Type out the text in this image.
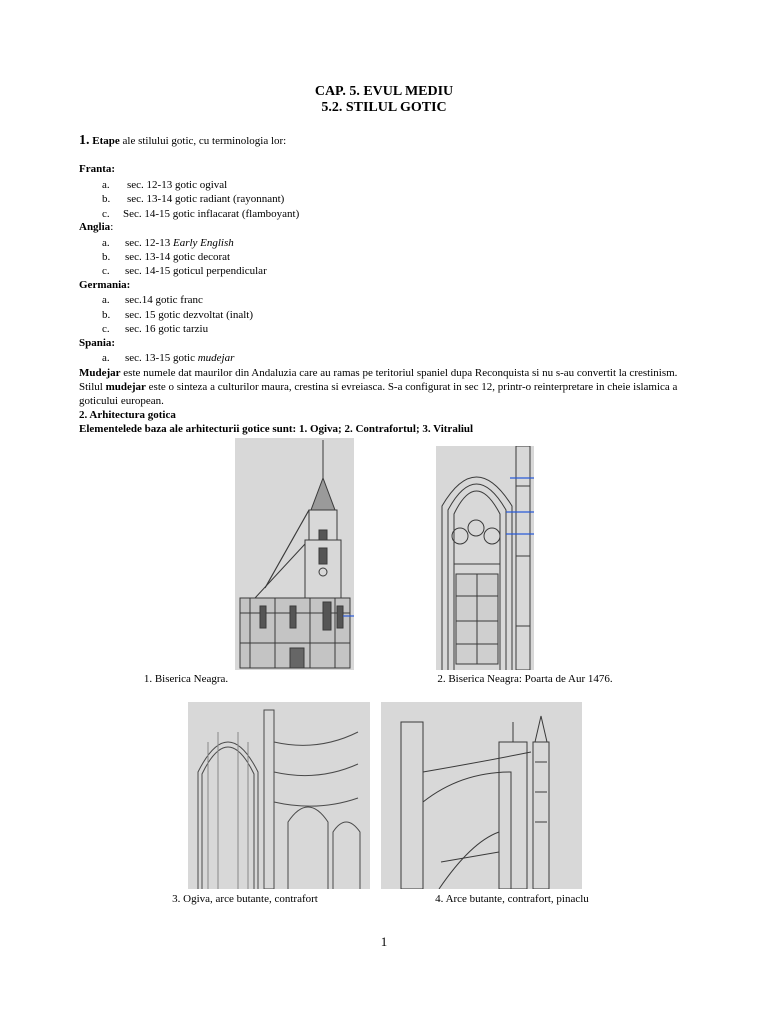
CAP. 5. EVUL MEDIU
5.2. STILUL GOTIC
1. Etape ale stilului gotic, cu terminologia lor:
Franta:
a. sec. 12-13 gotic ogival
b. sec. 13-14 gotic radiant (rayonnant)
c. Sec. 14-15 gotic inflacarat (flamboyant)
Anglia:
a. sec. 12-13 Early English
b. sec. 13-14 gotic decorat
c. sec. 14-15 goticul perpendicular
Germania:
a. sec.14 gotic franc
b. sec. 15 gotic dezvoltat (inalt)
c. sec. 16 gotic tarziu
Spania:
a. sec. 13-15 gotic mudejar
Mudejar este numele dat maurilor din Andaluzia care au ramas pe teritoriul spaniel dupa Reconquista si nu s-au convertit la crestinism. Stilul mudejar este o sinteza a culturilor maura, crestina si evreiasca. S-a configurat in sec 12, printr-o reinterpretare in cheie islamica a goticului european.
2. Arhitectura gotica
Elementelede baza ale arhitecturii gotice sunt: 1. Ogiva; 2. Contrafortul; 3. Vitraliul
1. Biserica Neagra.	2. Biserica Neagra: Poarta de Aur 1476.
3. Ogiva, arce butante, contrafort	4. Arce butante, contrafort, pinaclu
1
